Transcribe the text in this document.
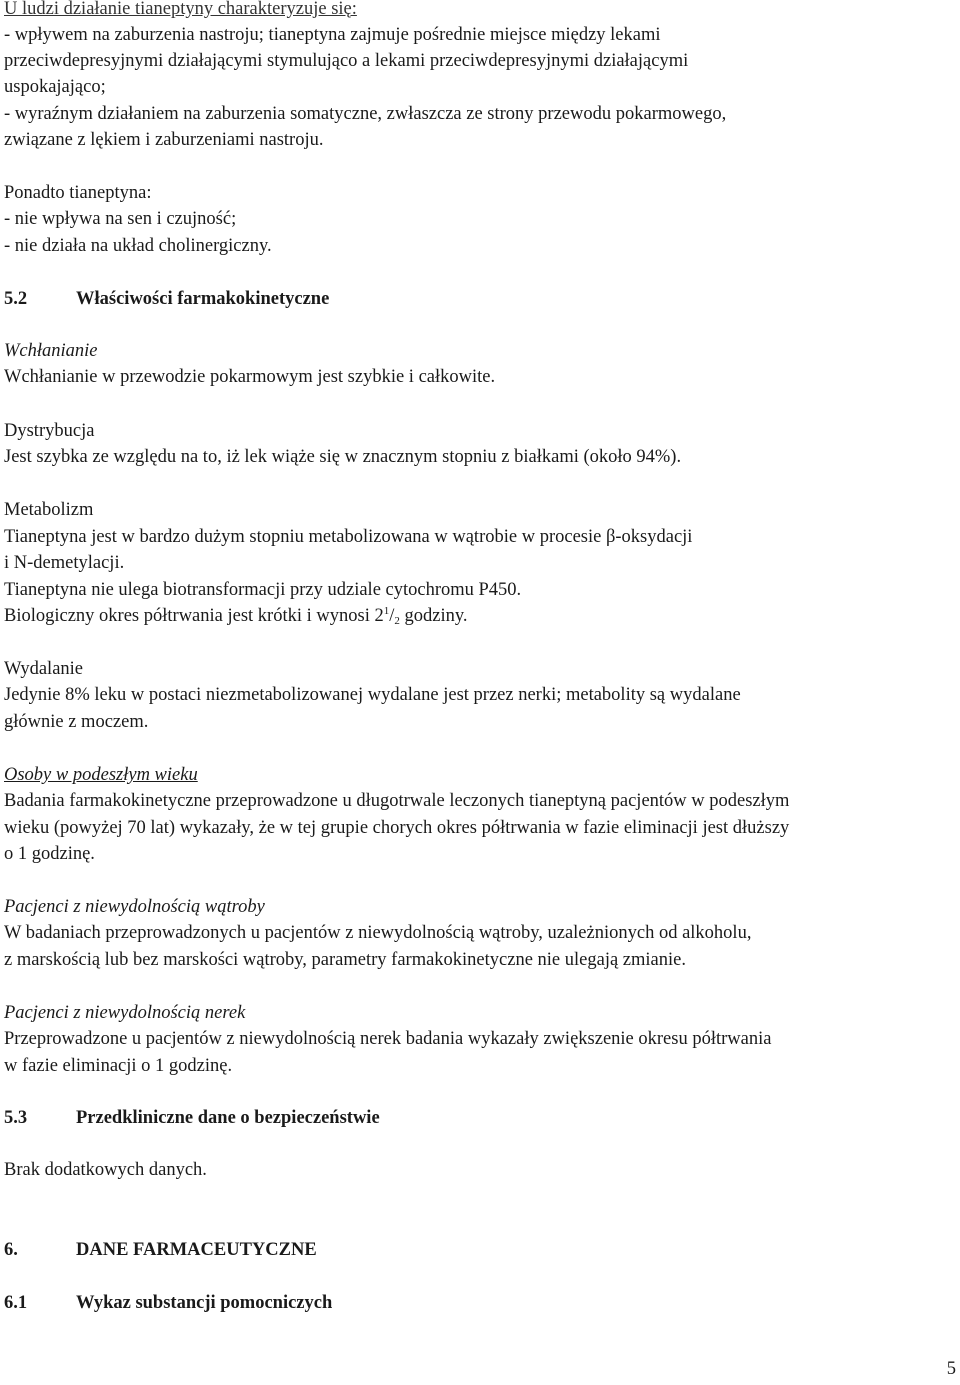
U ludzi działanie tianeptyny charakteryzuje się:

- wpływem na zaburzenia nastroju; tianeptyna zajmuje pośrednie miejsce między lekami

przeciwdepresyjnymi działającymi stymulująco a lekami przeciwdepresyjnymi działającymi

uspokajająco;

- wyraźnym działaniem na zaburzenia somatyczne, zwłaszcza ze strony przewodu pokarmowego,

związane z lękiem i zaburzeniami nastroju.

Ponadto tianeptyna:

- nie wpływa na sen i czujność;

- nie działa na układ cholinergiczny.

5.2	Właściwości farmakokinetyczne

Wchłanianie

Wchłanianie w przewodzie pokarmowym jest szybkie i całkowite.

Dystrybucja

Jest szybka ze względu na to, iż lek wiąże się w znacznym stopniu z białkami (około 94%).

Metabolizm

Tianeptyna jest w bardzo dużym stopniu metabolizowana w wątrobie w procesie β-oksydacji

i N-demetylacji.

Tianeptyna nie ulega biotransformacji przy udziale cytochromu P450.

Biologiczny okres półtrwania jest krótki i wynosi $2^1/_2$ godziny.

Wydalanie

Jedynie 8% leku w postaci niezmetabolizowanej wydalane jest przez nerki; metabolity są wydalane

głównie z moczem.

Osoby w podeszłym wieku

Badania farmakokinetyczne przeprowadzone u długotrwale leczonych tianeptyną pacjentów w podeszłym

wieku (powyżej 70 lat) wykazały, że w tej grupie chorych okres półtrwania w fazie eliminacji jest dłuższy

o 1 godzinę.

Pacjenci z niewydolnością wątroby

W badaniach przeprowadzonych u pacjentów z niewydolnością wątroby, uzależnionych od alkoholu,

z marskością lub bez marskości wątroby, parametry farmakokinetyczne nie ulegają zmianie.

Pacjenci z niewydolnością nerek

Przeprowadzone u pacjentów z niewydolnością nerek badania wykazały zwiększenie okresu półtrwania

w fazie eliminacji o 1 godzinę.

5.3	Przedkliniczne dane o bezpieczeństwie

Brak dodatkowych danych.

6.	DANE FARMACEUTYCZNE

6.1	Wykaz substancji pomocniczych

5
